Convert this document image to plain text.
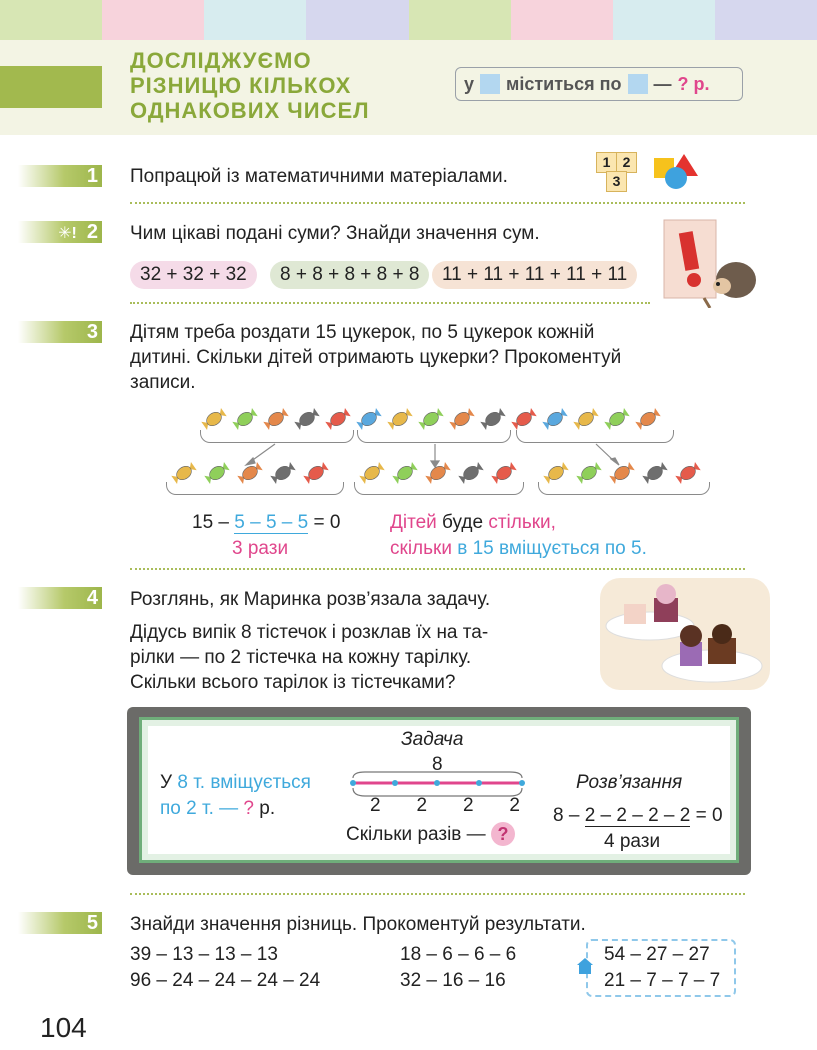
ДОСЛІДЖУЄМО
РІЗНИЦЮ КІЛЬКОХ
ОДНАКОВИХ ЧИСЕЛ
у міститься по — ? р.
1 Попрацюй із математичними матеріалами.
1 2
3
✳! 2 Чим цікаві подані суми? Знайди значення сум.
32 + 32 + 32	8 + 8 + 8 + 8 + 8	11 + 11 + 11 + 11 + 11
3 Дітям треба роздати 15 цукерок, по 5 цукерок кожній
дитині. Скільки дітей отримають цукерки? Прокоментуй
записи.
15 – 5 – 5 – 5 = 0
3 рази
Дітей буде стільки,
скільки в 15 вміщується по 5.
4 Розглянь, як Маринка розв’язала задачу.
Дідусь випік 8 тістечок і розклав їх на та-
рілки — по 2 тістечка на кожну тарілку.
Скільки всього тарілок із тістечками?
Задача
8
2 2 2 2
У 8 т. вміщується
по 2 т. — ? р.
Скільки разів — ?
Розв’язання
8 – 2 – 2 – 2 – 2 = 0
4 рази
5 Знайди значення різниць. Прокоментуй результати.
39 – 13 – 13 – 13
96 – 24 – 24 – 24 – 24
18 – 6 – 6 – 6
32 – 16 – 16
54 – 27 – 27
21 – 7 – 7 – 7
104
